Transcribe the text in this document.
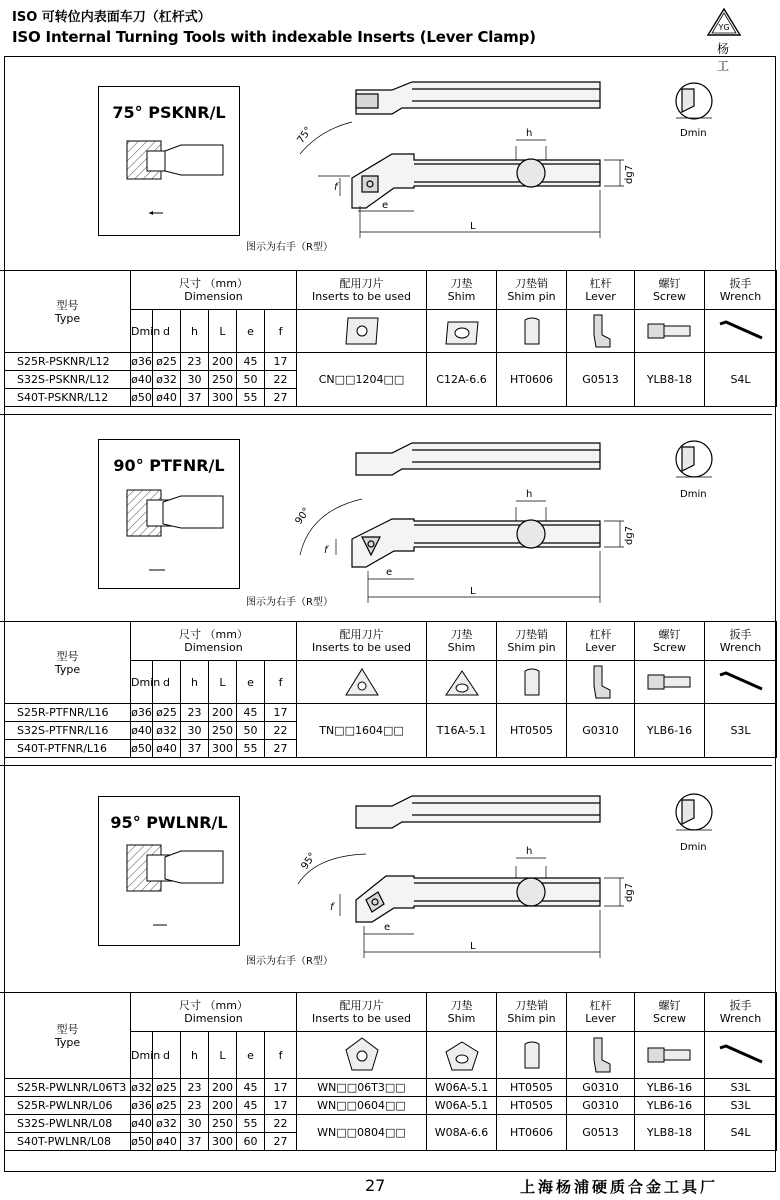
ISO 可转位内表面车刀（杠杆式）
ISO Internal Turning Tools with indexable Inserts (Lever Clamp)
YG
杨 工
h
e
L
f
75°
dg7
Dmin
75° PSKNR/L
图示为右手（R型）
型号
Type	尺寸 （mm）
Dimension						配用刀片
Inserts to be used	刀垫
Shim	刀垫销
Shim pin	杠杆
Lever	螺钉
Screw	扳手
Wrench

	Dmin	d	h	L	e	f	

S25R-PSKNR/L12	ø36	ø25	23	200	45	17	CN□□1204□□	C12A-6.6	HT0606	G0513	YLB8-18	S4L
S32S-PSKNR/L12	ø40	ø32	30	250	50	22						
S40T-PSKNR/L12	ø50	ø40	37	300	55	27						
h
e
L
f
90°
dg7
Dmin
90° PTFNR/L
图示为右手（R型）
型号
Type	尺寸 （mm）
Dimension						配用刀片
Inserts to be used	刀垫
Shim	刀垫销
Shim pin	杠杆
Lever	螺钉
Screw	扳手
Wrench

	Dmin	d	h	L	e	f	

S25R-PTFNR/L16	ø36	ø25	23	200	45	17	TN□□1604□□	T16A-5.1	HT0505	G0310	YLB6-16	S3L
S32S-PTFNR/L16	ø40	ø32	30	250	50	22						
S40T-PTFNR/L16	ø50	ø40	37	300	55	27						
h
e
L
f
95°
dg7
Dmin
95° PWLNR/L
图示为右手（R型）
型号
Type	尺寸 （mm）
Dimension						配用刀片
Inserts to be used	刀垫
Shim	刀垫销
Shim pin	杠杆
Lever	螺钉
Screw	扳手
Wrench

	Dmin	d	h	L	e	f	

S25R-PWLNR/L06T3	ø32	ø25	23	200	45	17	WN□□06T3□□	W06A-5.1	HT0505	G0310	YLB6-16	S3L
S25R-PWLNR/L06	ø36	ø25	23	200	45	17	WN□□0604□□	W06A-5.1	HT0505	G0310	YLB6-16	S3L
S32S-PWLNR/L08	ø40	ø32	30	250	55	22	WN□□0804□□	W08A-6.6	HT0606	G0513	YLB8-18	S4L
S40T-PWLNR/L08	ø50	ø40	37	300	60	27						
27	上海杨浦硬质合金工具厂
